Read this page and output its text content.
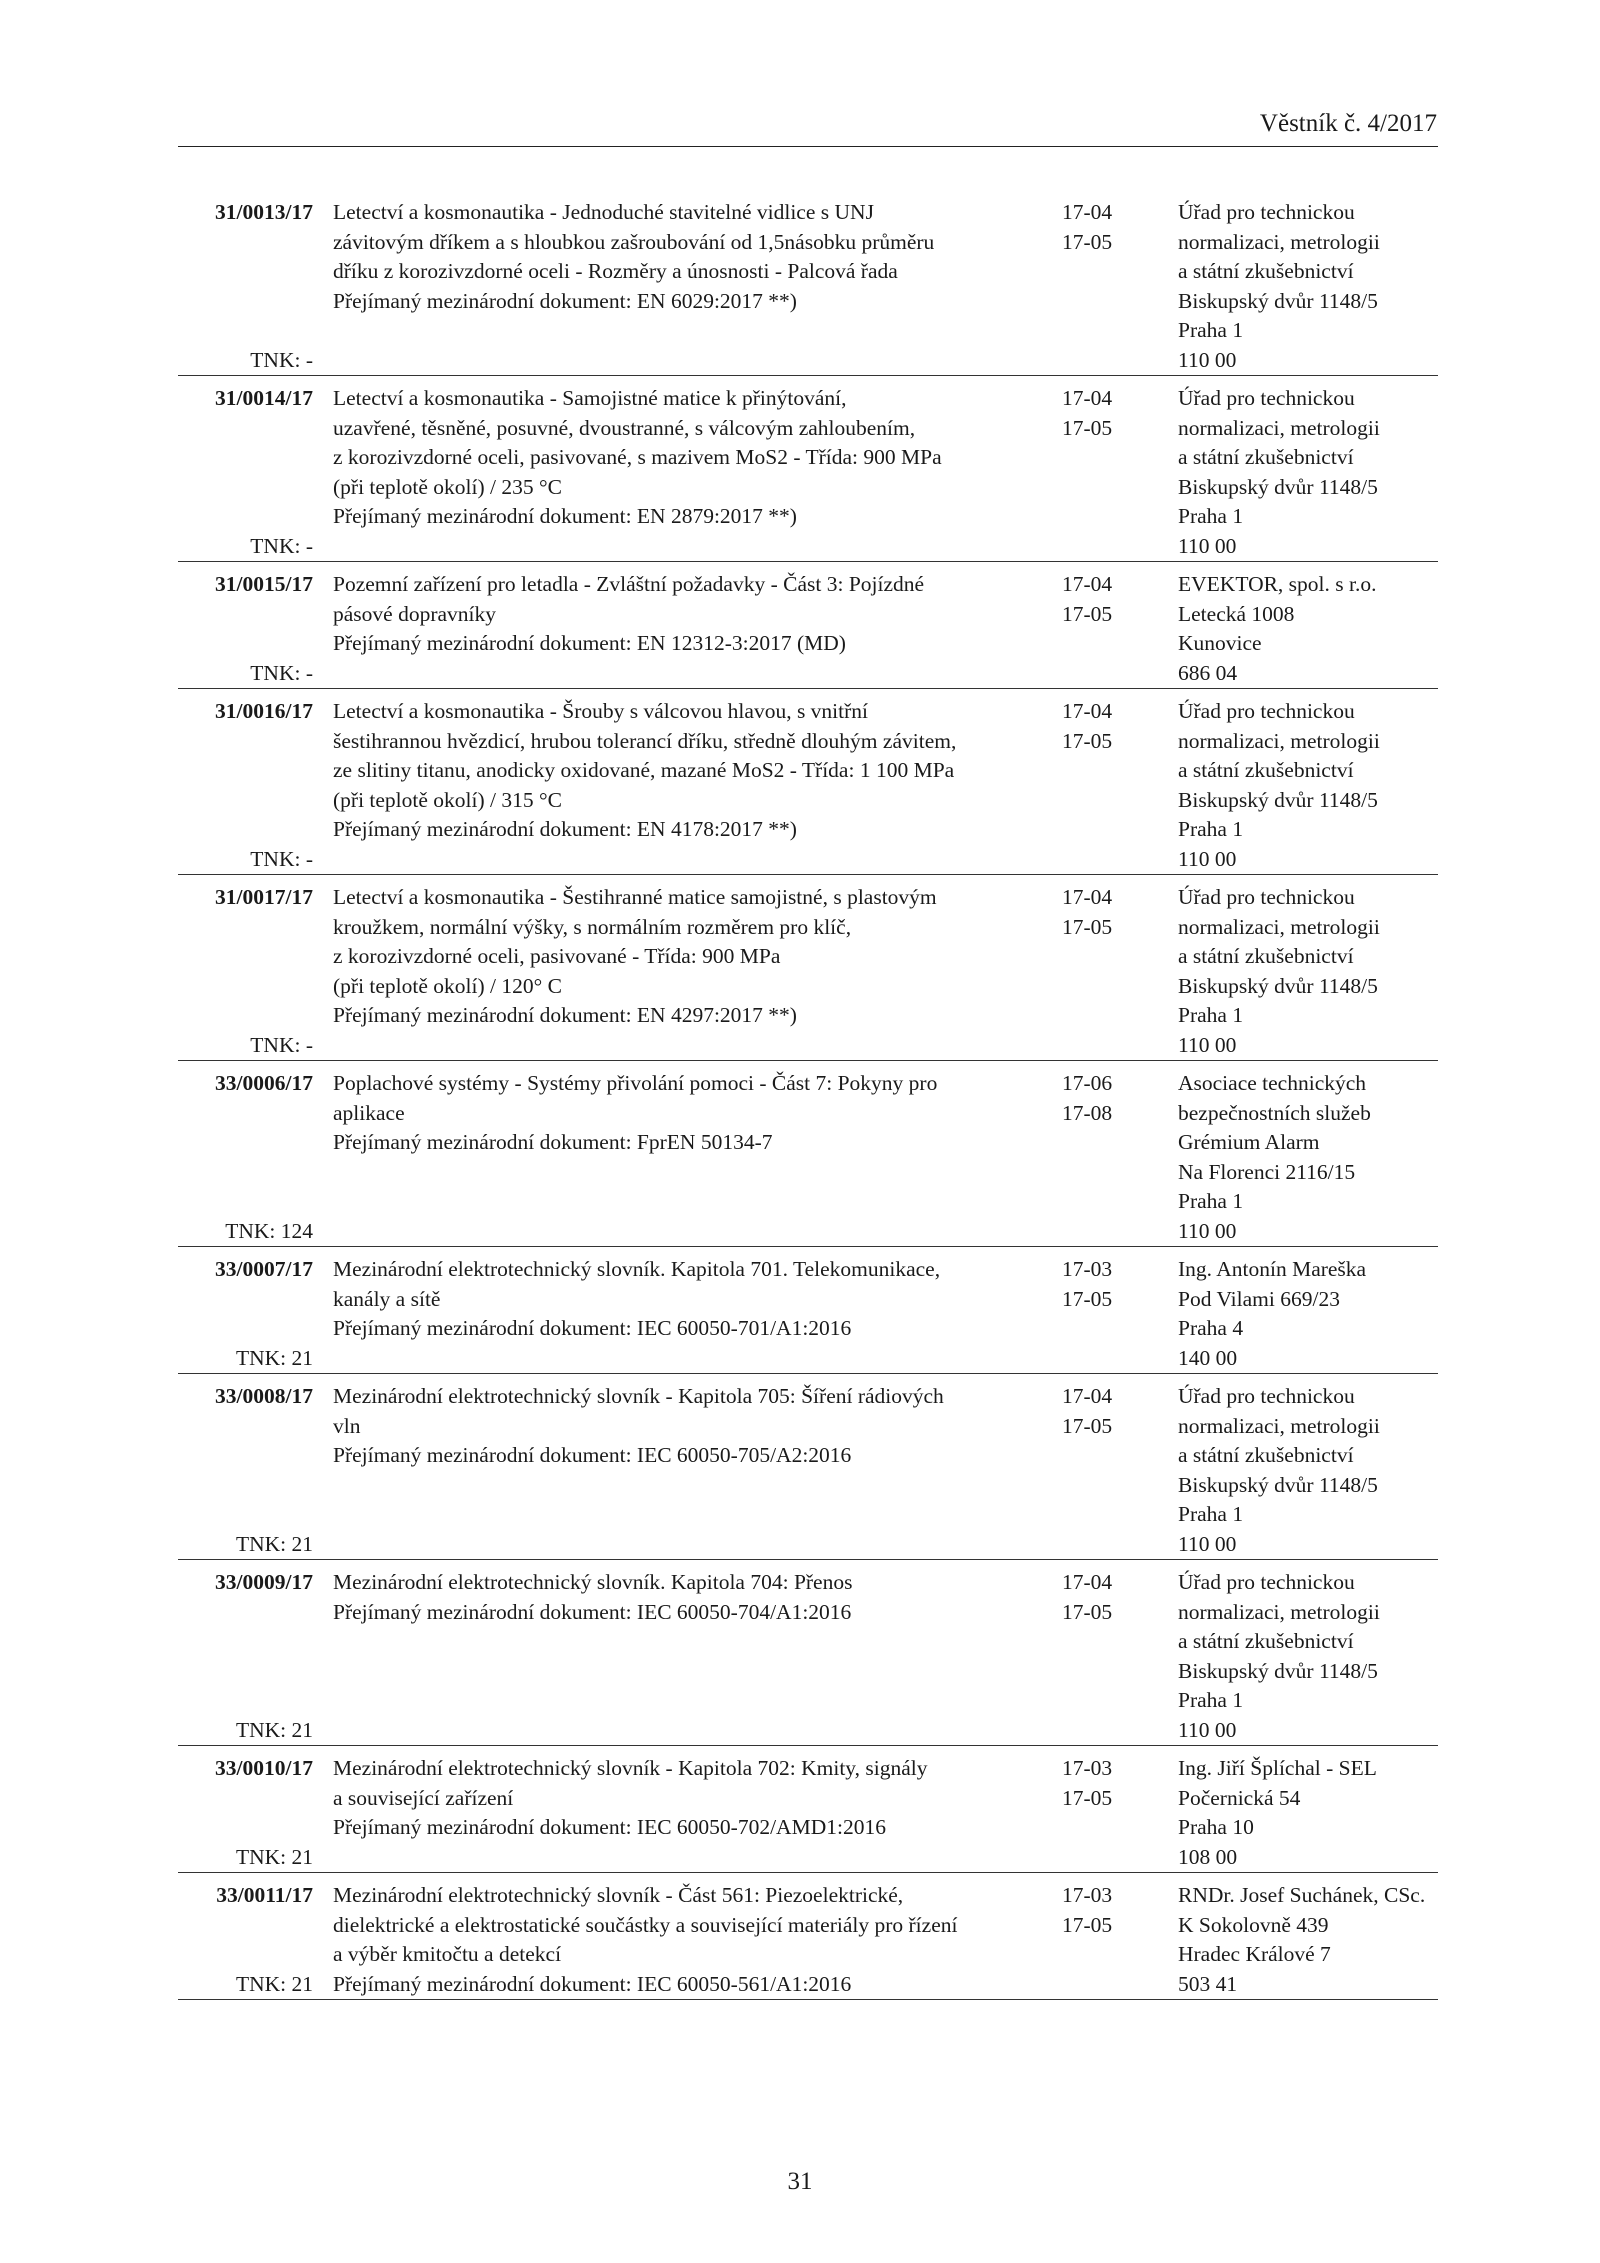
Věstník č. 4/2017
31/0013/17
TNK: -
Letectví a kosmonautika - Jednoduché stavitelné vidlice s UNJ
závitovým dříkem a s hloubkou zašroubování od 1,5násobku průměru
dříku z korozivzdorné oceli - Rozměry a únosnosti - Palcová řada
Přejímaný mezinárodní dokument: EN 6029:2017 **)
17-04
17-05
Úřad pro technickou
normalizaci, metrologii
a státní zkušebnictví
Biskupský dvůr 1148/5
Praha 1
110 00
31/0014/17
TNK: -
Letectví a kosmonautika - Samojistné matice k přinýtování,
uzavřené, těsněné, posuvné, dvoustranné, s válcovým zahloubením,
z korozivzdorné oceli, pasivované, s mazivem MoS2 - Třída: 900 MPa
(při teplotě okolí) / 235 °C
Přejímaný mezinárodní dokument: EN 2879:2017 **)
17-04
17-05
Úřad pro technickou
normalizaci, metrologii
a státní zkušebnictví
Biskupský dvůr 1148/5
Praha 1
110 00
31/0015/17
TNK: -
Pozemní zařízení pro letadla - Zvláštní požadavky - Část 3: Pojízdné
pásové dopravníky
Přejímaný mezinárodní dokument: EN 12312-3:2017 (MD)
17-04
17-05
EVEKTOR, spol. s r.o.
Letecká 1008
Kunovice
686 04
31/0016/17
TNK: -
Letectví a kosmonautika - Šrouby s válcovou hlavou, s vnitřní
šestihrannou hvězdicí, hrubou tolerancí dříku, středně dlouhým závitem,
ze slitiny titanu, anodicky oxidované, mazané MoS2 - Třída: 1 100 MPa
(při teplotě okolí) / 315 °C
Přejímaný mezinárodní dokument: EN 4178:2017 **)
17-04
17-05
Úřad pro technickou
normalizaci, metrologii
a státní zkušebnictví
Biskupský dvůr 1148/5
Praha 1
110 00
31/0017/17
TNK: -
Letectví a kosmonautika - Šestihranné matice samojistné, s plastovým
kroužkem, normální výšky, s normálním rozměrem pro klíč,
z korozivzdorné oceli, pasivované - Třída: 900 MPa
(při teplotě okolí) / 120° C
Přejímaný mezinárodní dokument: EN 4297:2017 **)
17-04
17-05
Úřad pro technickou
normalizaci, metrologii
a státní zkušebnictví
Biskupský dvůr 1148/5
Praha 1
110 00
33/0006/17
TNK: 124
Poplachové systémy - Systémy přivolání pomoci - Část 7: Pokyny pro
aplikace
Přejímaný mezinárodní dokument: FprEN 50134-7
17-06
17-08
Asociace technických
bezpečnostních služeb
Grémium Alarm
Na Florenci 2116/15
Praha 1
110 00
33/0007/17
TNK: 21
Mezinárodní elektrotechnický slovník. Kapitola 701. Telekomunikace,
kanály a sítě
Přejímaný mezinárodní dokument: IEC 60050-701/A1:2016
17-03
17-05
Ing. Antonín Mareška
Pod Vilami 669/23
Praha 4
140 00
33/0008/17
TNK: 21
Mezinárodní elektrotechnický slovník - Kapitola 705: Šíření rádiových
vln
Přejímaný mezinárodní dokument: IEC 60050-705/A2:2016
17-04
17-05
Úřad pro technickou
normalizaci, metrologii
a státní zkušebnictví
Biskupský dvůr 1148/5
Praha 1
110 00
33/0009/17
TNK: 21
Mezinárodní elektrotechnický slovník. Kapitola 704: Přenos
Přejímaný mezinárodní dokument: IEC 60050-704/A1:2016
17-04
17-05
Úřad pro technickou
normalizaci, metrologii
a státní zkušebnictví
Biskupský dvůr 1148/5
Praha 1
110 00
33/0010/17
TNK: 21
Mezinárodní elektrotechnický slovník - Kapitola 702: Kmity, signály
a související zařízení
Přejímaný mezinárodní dokument: IEC 60050-702/AMD1:2016
17-03
17-05
Ing. Jiří Šplíchal - SEL
Počernická 54
Praha 10
108 00
33/0011/17
TNK: 21
Mezinárodní elektrotechnický slovník - Část 561: Piezoelektrické,
dielektrické a elektrostatické součástky a související materiály pro řízení
a výběr kmitočtu a detekcí
Přejímaný mezinárodní dokument: IEC 60050-561/A1:2016
17-03
17-05
RNDr. Josef Suchánek, CSc.
K Sokolovně 439
Hradec Králové 7
503 41
31
